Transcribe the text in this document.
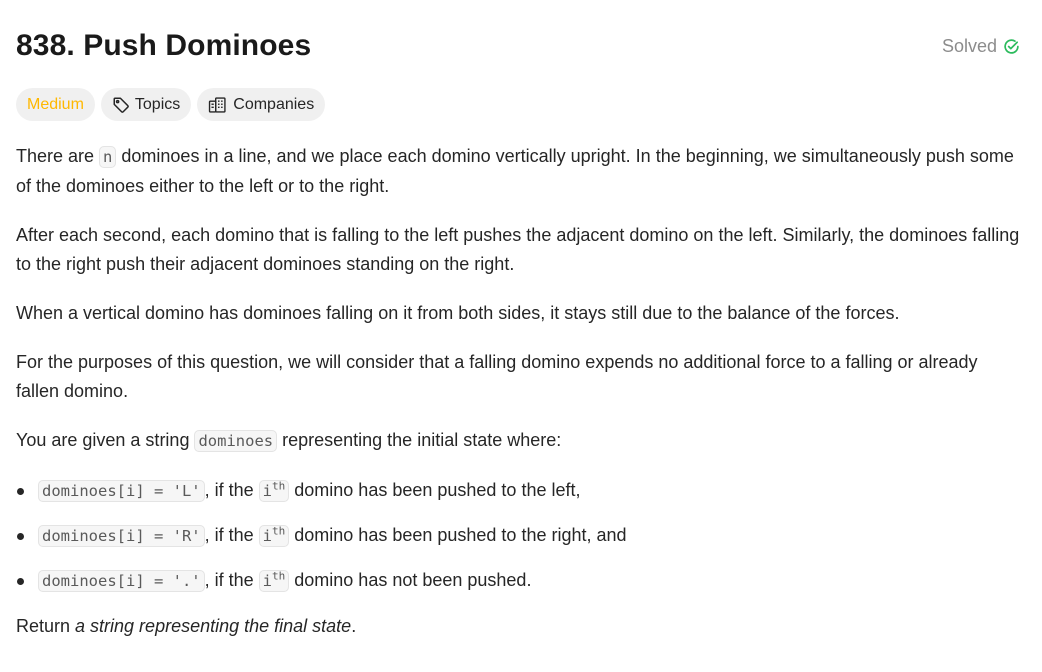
838. Push Dominoes	Solved
Medium	Topics	Companies

There are n dominoes in a line, and we place each domino vertically upright. In the beginning, we simultaneously push some of the dominoes either to the left or to the right.

After each second, each domino that is falling to the left pushes the adjacent domino on the left. Similarly, the dominoes falling to the right push their adjacent dominoes standing on the right.

When a vertical domino has dominoes falling on it from both sides, it stays still due to the balance of the forces.

For the purposes of this question, we will consider that a falling domino expends no additional force to a falling or already fallen domino.

You are given a string dominoes representing the initial state where:

dominoes[i] = 'L' , if the $i^{th}$ domino has been pushed to the left,
dominoes[i] = 'R' , if the $i^{th}$ domino has been pushed to the right, and
dominoes[i] = '.' , if the $i^{th}$ domino has not been pushed.

Return a string representing the final state.
